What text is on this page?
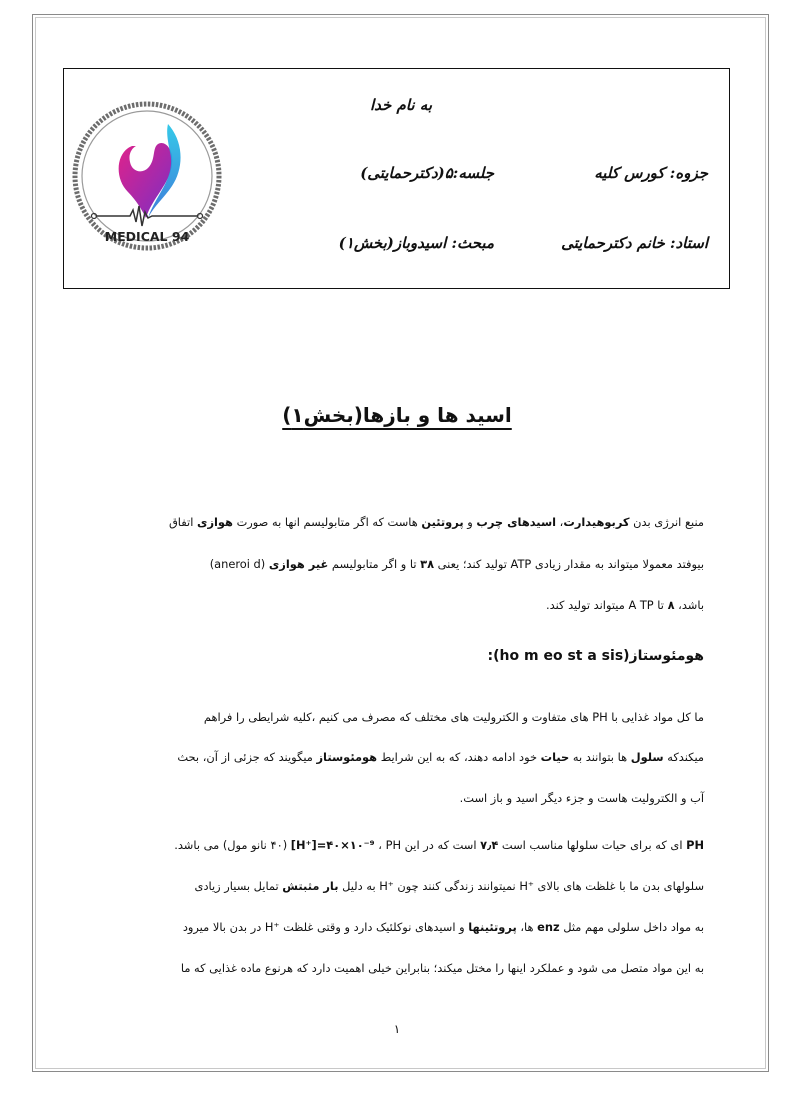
MEDICAL 94
به نام خدا
جزوه: کورس کلیه
جلسه:۵(دکترحمایتی)
استاد: خانم دکترحمایتی
مبحث: اسیدوباز(بخش۱)
اسید ها و بازها(بخش۱)
منبع انرژی بدن کربوهیدارت، اسیدهای چرب و پروتئین هاست که اگر متابولیسم انها به صورت هوازی اتفاق
بیوفتد معمولا میتواند به مقدار زیادی ATP تولید کند؛ یعنی ۳۸ تا و اگر متابولیسم غیر هوازی (aneroi d)
باشد، ۸ تا A TP میتواند تولید کند.
هومئوستاز(ho m eo st a sis):
ما کل مواد غذایی با PH های متفاوت و الکترولیت های مختلف که مصرف می کنیم ،کلیه شرایطی را فراهم
میکندکه سلول ها بتوانند به حیات خود ادامه دهند، که به این شرایط هومئوستاز میگویند که جزئی از آن، بحث
آب و الکترولیت هاست و جزء دیگر اسید و باز است.
PH ای که برای حیات سلولها مناسب است ۷٫۴ است که در این PH ، [H⁺]=۴۰×۱۰⁻⁹ (۴۰ نانو مول) می باشد.
سلولهای بدن ما با غلظت های بالای H⁺ نمیتوانند زندگی کنند چون H⁺ به دلیل بار مثبتش تمایل بسیار زیادی
به مواد داخل سلولی مهم مثل enz ها، پروتئینها و اسیدهای نوکلئیک دارد و وقتی غلظت H⁺ در بدن بالا میرود
به این مواد متصل می شود و عملکرد اینها را مختل میکند؛ بنابراین خیلی اهمیت دارد که هرنوع ماده غذایی که ما
۱
